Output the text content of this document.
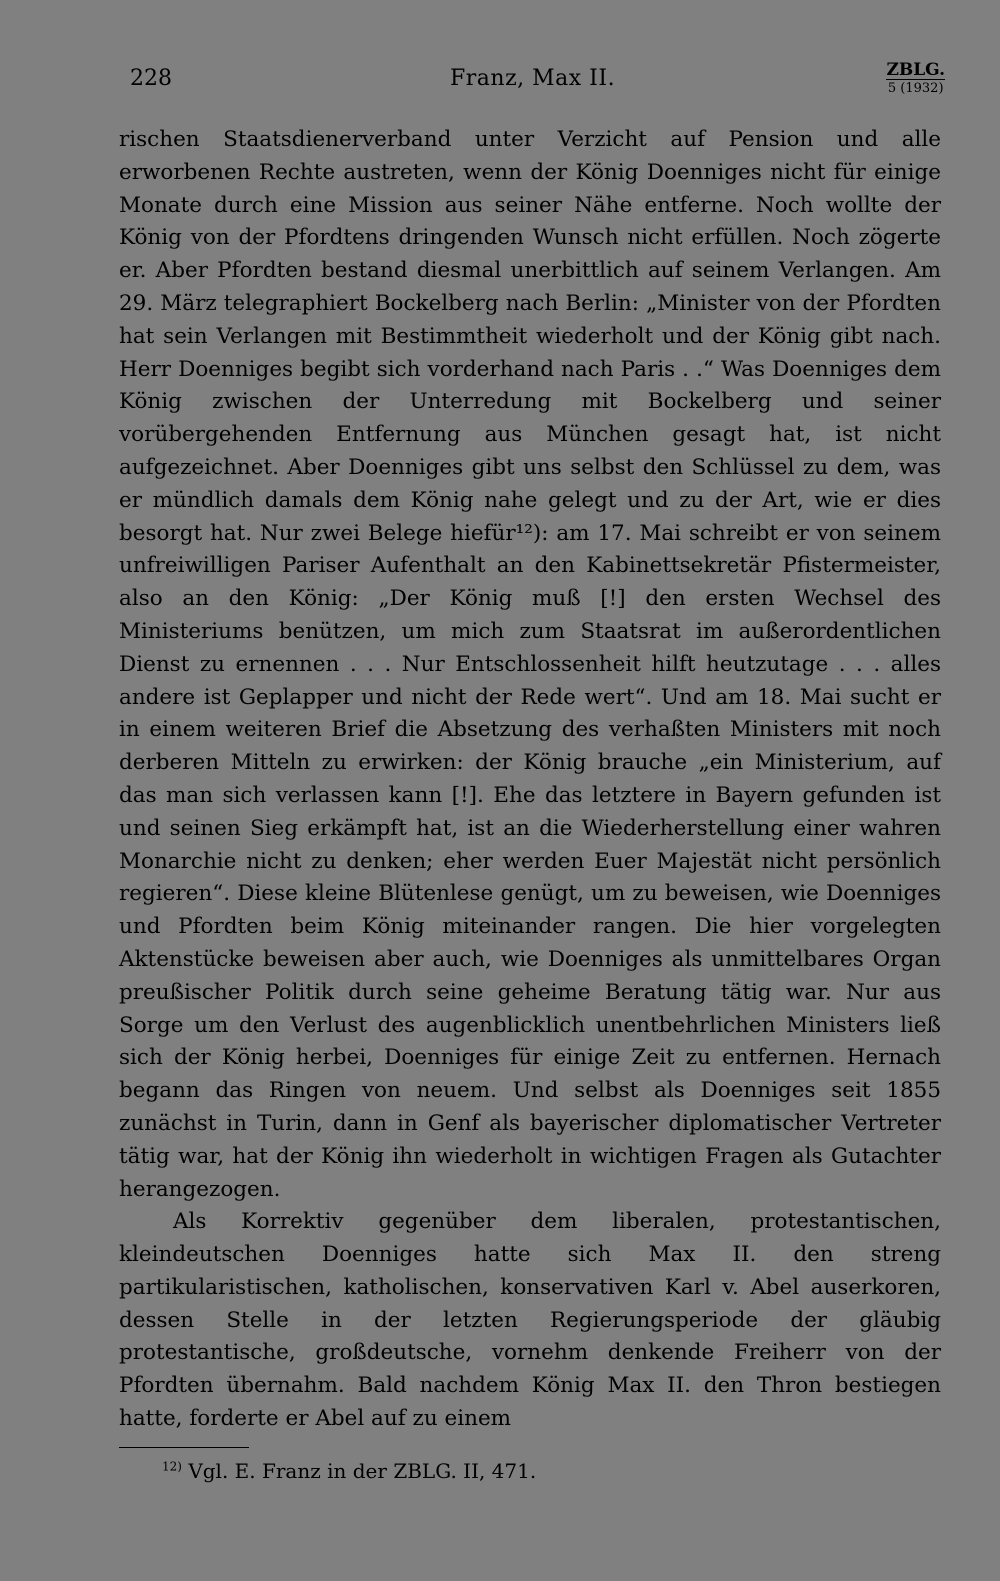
228	Franz, Max II.	ZBLG.
5 (1932)

rischen Staatsdienerverband unter Verzicht auf Pension und alle erworbenen Rechte austreten, wenn der König Doenniges nicht für einige Monate durch eine Mission aus seiner Nähe entferne. Noch wollte der König von der Pfordtens dringenden Wunsch nicht erfüllen. Noch zögerte er. Aber Pfordten bestand diesmal unerbittlich auf seinem Verlangen. Am 29. März telegraphiert Bockelberg nach Berlin: „Minister von der Pfordten hat sein Verlangen mit Bestimmtheit wiederholt und der König gibt nach. Herr Doenniges begibt sich vorderhand nach Paris . .“ Was Doenniges dem König zwischen der Unterredung mit Bockelberg und seiner vorübergehenden Entfernung aus München gesagt hat, ist nicht aufgezeichnet. Aber Doenniges gibt uns selbst den Schlüssel zu dem, was er mündlich damals dem König nahe gelegt und zu der Art, wie er dies besorgt hat. Nur zwei Belege hiefür¹²): am 17. Mai schreibt er von seinem unfreiwilligen Pariser Aufenthalt an den Kabinettsekretär Pfistermeister, also an den König: „Der König muß [!] den ersten Wechsel des Ministeriums benützen, um mich zum Staatsrat im außerordentlichen Dienst zu ernennen . . . Nur Entschlossenheit hilft heutzutage . . . alles andere ist Geplapper und nicht der Rede wert“. Und am 18. Mai sucht er in einem weiteren Brief die Absetzung des verhaßten Ministers mit noch derberen Mitteln zu erwirken: der König brauche „ein Ministerium, auf das man sich verlassen kann [!]. Ehe das letztere in Bayern gefunden ist und seinen Sieg erkämpft hat, ist an die Wiederherstellung einer wahren Monarchie nicht zu denken; eher werden Euer Majestät nicht persönlich regieren“. Diese kleine Blütenlese genügt, um zu beweisen, wie Doenniges und Pfordten beim König miteinander rangen. Die hier vorgelegten Aktenstücke beweisen aber auch, wie Doenniges als unmittelbares Organ preußischer Politik durch seine geheime Beratung tätig war. Nur aus Sorge um den Verlust des augenblicklich unentbehrlichen Ministers ließ sich der König herbei, Doenniges für einige Zeit zu entfernen. Hernach begann das Ringen von neuem. Und selbst als Doenniges seit 1855 zunächst in Turin, dann in Genf als bayerischer diplomatischer Vertreter tätig war, hat der König ihn wiederholt in wichtigen Fragen als Gutachter herangezogen.

Als Korrektiv gegenüber dem liberalen, protestantischen, kleindeutschen Doenniges hatte sich Max II. den streng partikularistischen, katholischen, konservativen Karl v. Abel auserkoren, dessen Stelle in der letzten Regierungsperiode der gläubig protestantische, großdeutsche, vornehm denkende Freiherr von der Pfordten übernahm. Bald nachdem König Max II. den Thron bestiegen hatte, forderte er Abel auf zu einem

$^{12)}$ Vgl. E. Franz in der ZBLG. II, 471.
